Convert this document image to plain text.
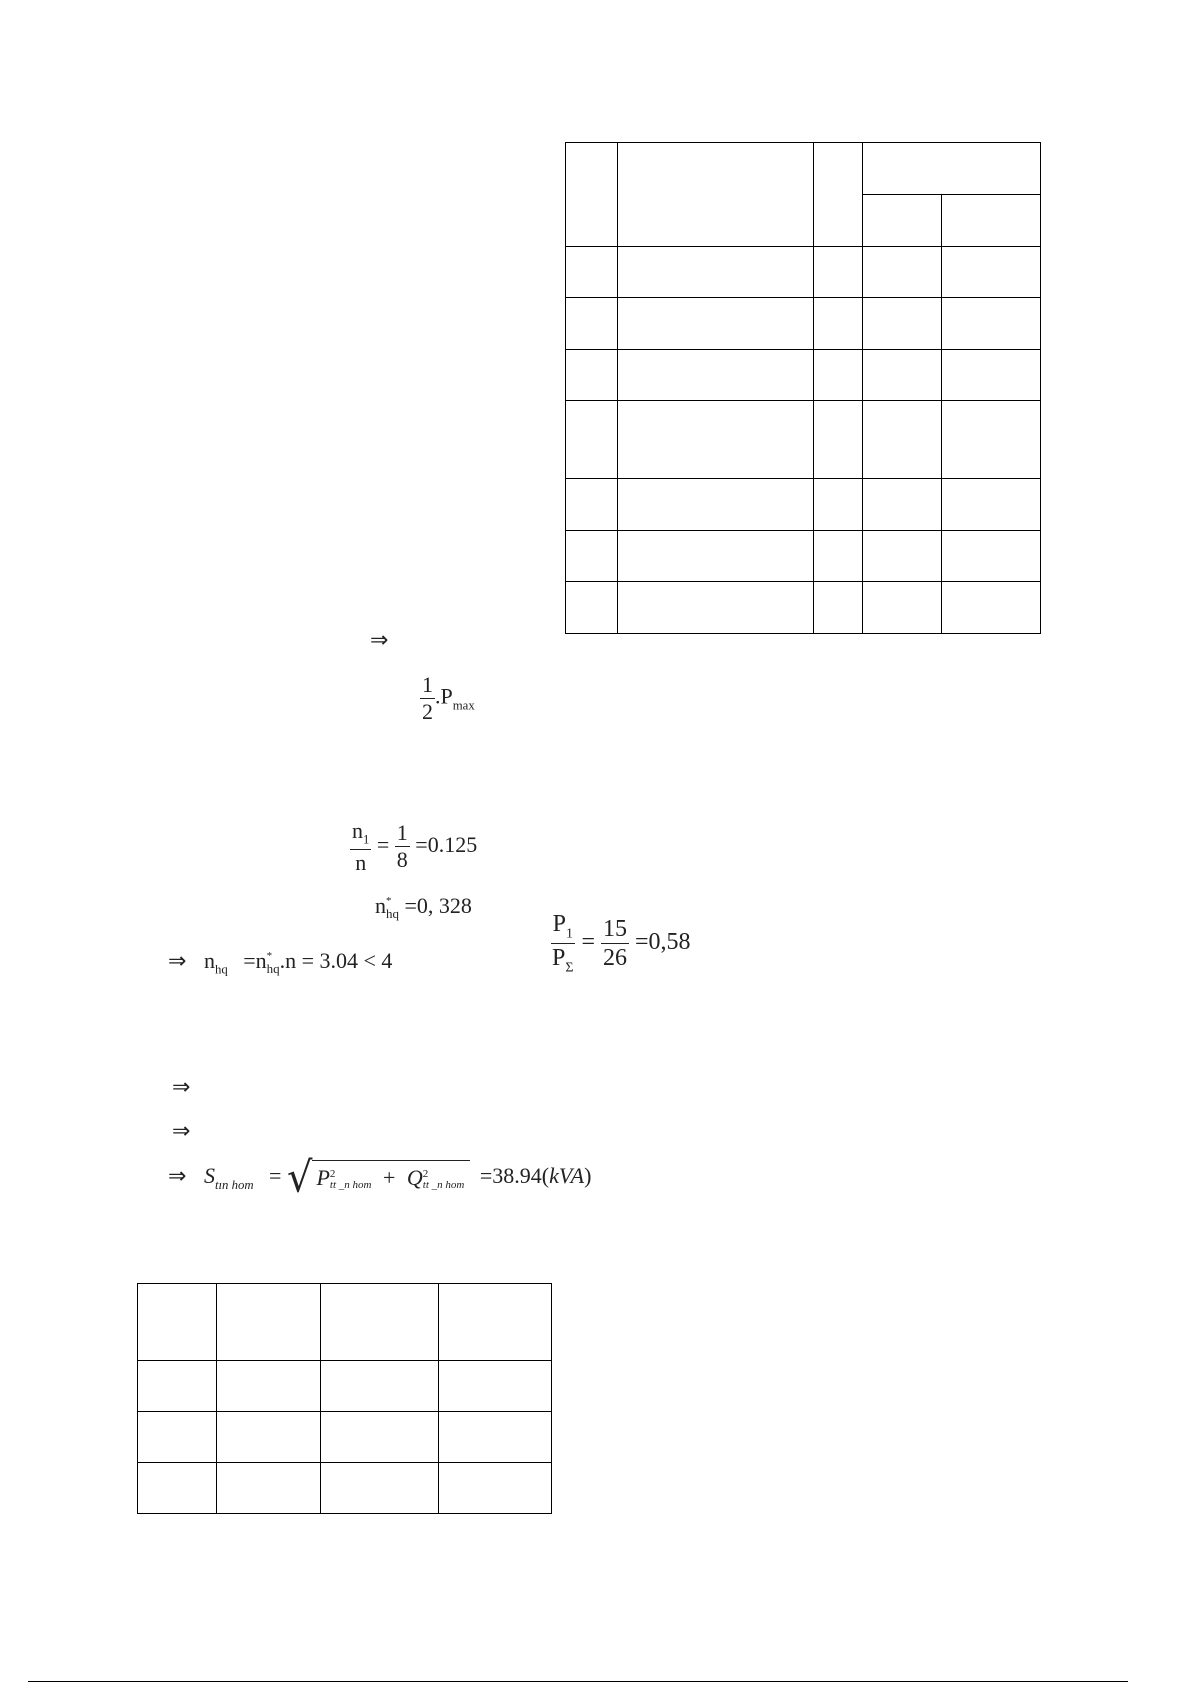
⇒
$\frac{1}{2} .P_{max}$
$\frac{n_1}{n} = \frac{1}{8} =0.125$
n *
hq =0, 328
⇒ $n_{hq} =n$ *
hq .n = 3.04 < 4	$\frac{P_1}{P_\Sigma} = \frac{15}{26} =0,58$
⇒
⇒
⇒ $S_{tın hom}$ = √ P 2
tt _n hom + Q 2
tt _n hom =38.94(kVA)
